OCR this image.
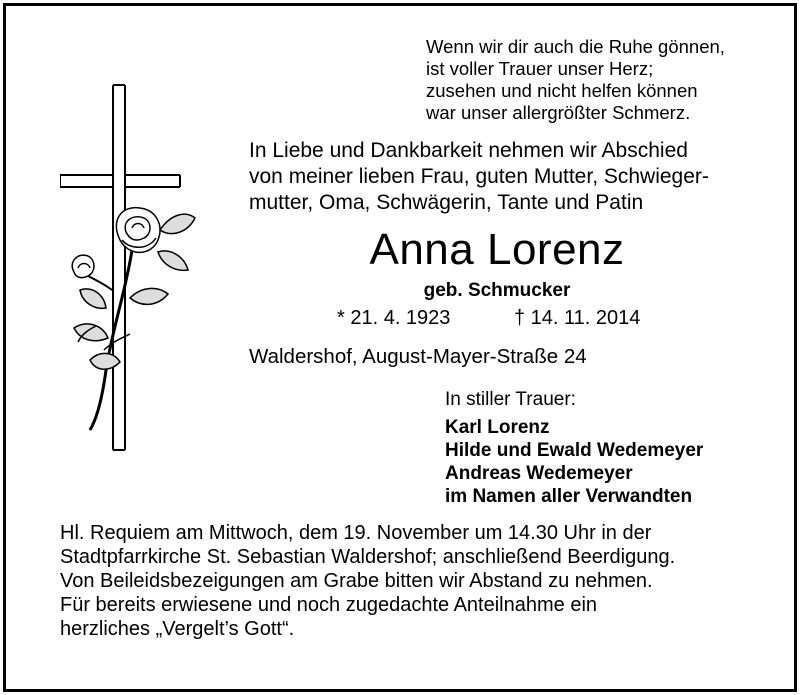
Wenn wir dir auch die Ruhe gönnen,
ist voller Trauer unser Herz;
zusehen und nicht helfen können
war unser allergrößter Schmerz.
In Liebe und Dankbarkeit nehmen wir Abschied
von meiner lieben Frau, guten Mutter, Schwieger-
mutter, Oma, Schwägerin, Tante und Patin
Anna Lorenz
geb. Schmucker
* 21. 4. 1923	† 14. 11. 2014
Waldershof, August-Mayer-Straße 24
In stiller Trauer:
Karl Lorenz
Hilde und Ewald Wedemeyer
Andreas Wedemeyer
im Namen aller Verwandten
Hl. Requiem am Mittwoch, dem 19. November um 14.30 Uhr in der
Stadtpfarrkirche St. Sebastian Waldershof; anschließend Beerdigung.
Von Beileidsbezeigungen am Grabe bitten wir Abstand zu nehmen.
Für bereits erwiesene und noch zugedachte Anteilnahme ein
herzliches „Vergelt’s Gott“.
